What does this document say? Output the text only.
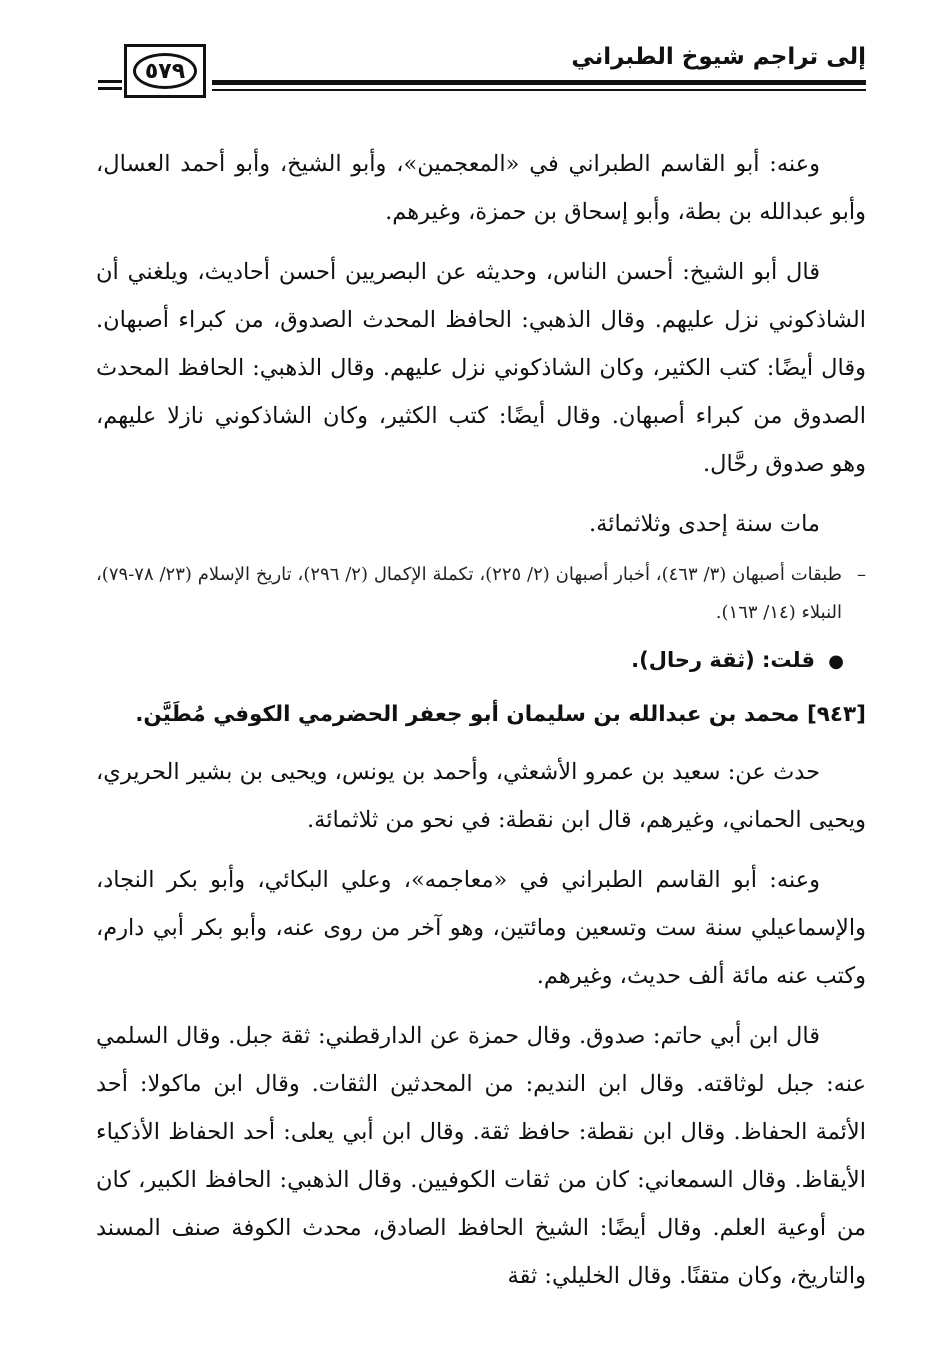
إلى تراجم شيوخ الطبراني
٥٧٩

وعنه: أبو القاسم الطبراني في «المعجمين»، وأبو الشيخ، وأبو أحمد العسال، وأبو عبدالله بن بطة، وأبو إسحاق بن حمزة، وغيرهم.

قال أبو الشيخ: أحسن الناس، وحديثه عن البصريين أحسن أحاديث، ويلغني أن الشاذكوني نزل عليهم. وقال الذهبي: الحافظ المحدث الصدوق، من كبراء أصبهان. وقال أيضًا: كتب الكثير، وكان الشاذكوني نزل عليهم. وقال الذهبي: الحافظ المحدث الصدوق من كبراء أصبهان. وقال أيضًا: كتب الكثير، وكان الشاذكوني نازلا عليهم، وهو صدوق رحَّال.

مات سنة إحدى وثلاثمائة.

–
طبقات أصبهان (٣/ ٤٦٣)، أخبار أصبهان (٢/ ٢٢٥)، تكملة الإكمال (٢/ ٢٩٦)، تاريخ الإسلام (٢٣/ ٧٨-٧٩)، النبلاء (١٤/ ١٦٣).

● قلت: (ثقة رحال).

[٩٤٣] محمد بن عبدالله بن سليمان أبو جعفر الحضرمي الكوفي مُطَيَّن.

حدث عن: سعيد بن عمرو الأشعثي، وأحمد بن يونس، ويحيى بن بشير الحريري، ويحيى الحماني، وغيرهم، قال ابن نقطة: في نحو من ثلاثمائة.

وعنه: أبو القاسم الطبراني في «معاجمه»، وعلي البكائي، وأبو بكر النجاد، والإسماعيلي سنة ست وتسعين ومائتين، وهو آخر من روى عنه، وأبو بكر أبي دارم، وكتب عنه مائة ألف حديث، وغيرهم.

قال ابن أبي حاتم: صدوق. وقال حمزة عن الدارقطني: ثقة جبل. وقال السلمي عنه: جبل لوثاقته. وقال ابن النديم: من المحدثين الثقات. وقال ابن ماكولا: أحد الأئمة الحفاظ. وقال ابن نقطة: حافظ ثقة. وقال ابن أبي يعلى: أحد الحفاظ الأذكياء الأيقاظ. وقال السمعاني: كان من ثقات الكوفيين. وقال الذهبي: الحافظ الكبير، كان من أوعية العلم. وقال أيضًا: الشيخ الحافظ الصادق، محدث الكوفة صنف المسند والتاريخ، وكان متقنًا. وقال الخليلي: ثقة
